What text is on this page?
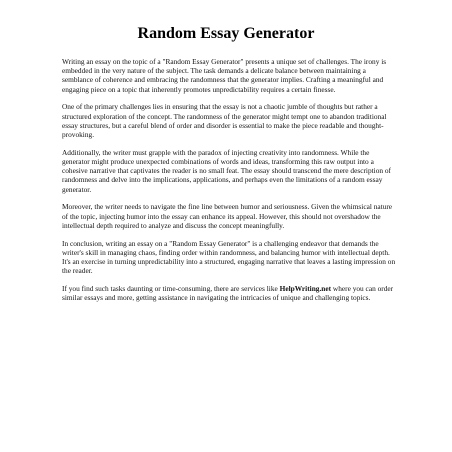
Random Essay Generator

Writing an essay on the topic of a "Random Essay Generator" presents a unique set of challenges. The irony is embedded in the very nature of the subject. The task demands a delicate balance between maintaining a semblance of coherence and embracing the randomness that the generator implies. Crafting a meaningful and engaging piece on a topic that inherently promotes unpredictability requires a certain finesse.

One of the primary challenges lies in ensuring that the essay is not a chaotic jumble of thoughts but rather a structured exploration of the concept. The randomness of the generator might tempt one to abandon traditional essay structures, but a careful blend of order and disorder is essential to make the piece readable and thought-provoking.

Additionally, the writer must grapple with the paradox of injecting creativity into randomness. While the generator might produce unexpected combinations of words and ideas, transforming this raw output into a cohesive narrative that captivates the reader is no small feat. The essay should transcend the mere description of randomness and delve into the implications, applications, and perhaps even the limitations of a random essay generator.

Moreover, the writer needs to navigate the fine line between humor and seriousness. Given the whimsical nature of the topic, injecting humor into the essay can enhance its appeal. However, this should not overshadow the intellectual depth required to analyze and discuss the concept meaningfully.

In conclusion, writing an essay on a "Random Essay Generator" is a challenging endeavor that demands the writer's skill in managing chaos, finding order within randomness, and balancing humor with intellectual depth. It's an exercise in turning unpredictability into a structured, engaging narrative that leaves a lasting impression on the reader.

If you find such tasks daunting or time-consuming, there are services like HelpWriting.net where you can order similar essays and more, getting assistance in navigating the intricacies of unique and challenging topics.
